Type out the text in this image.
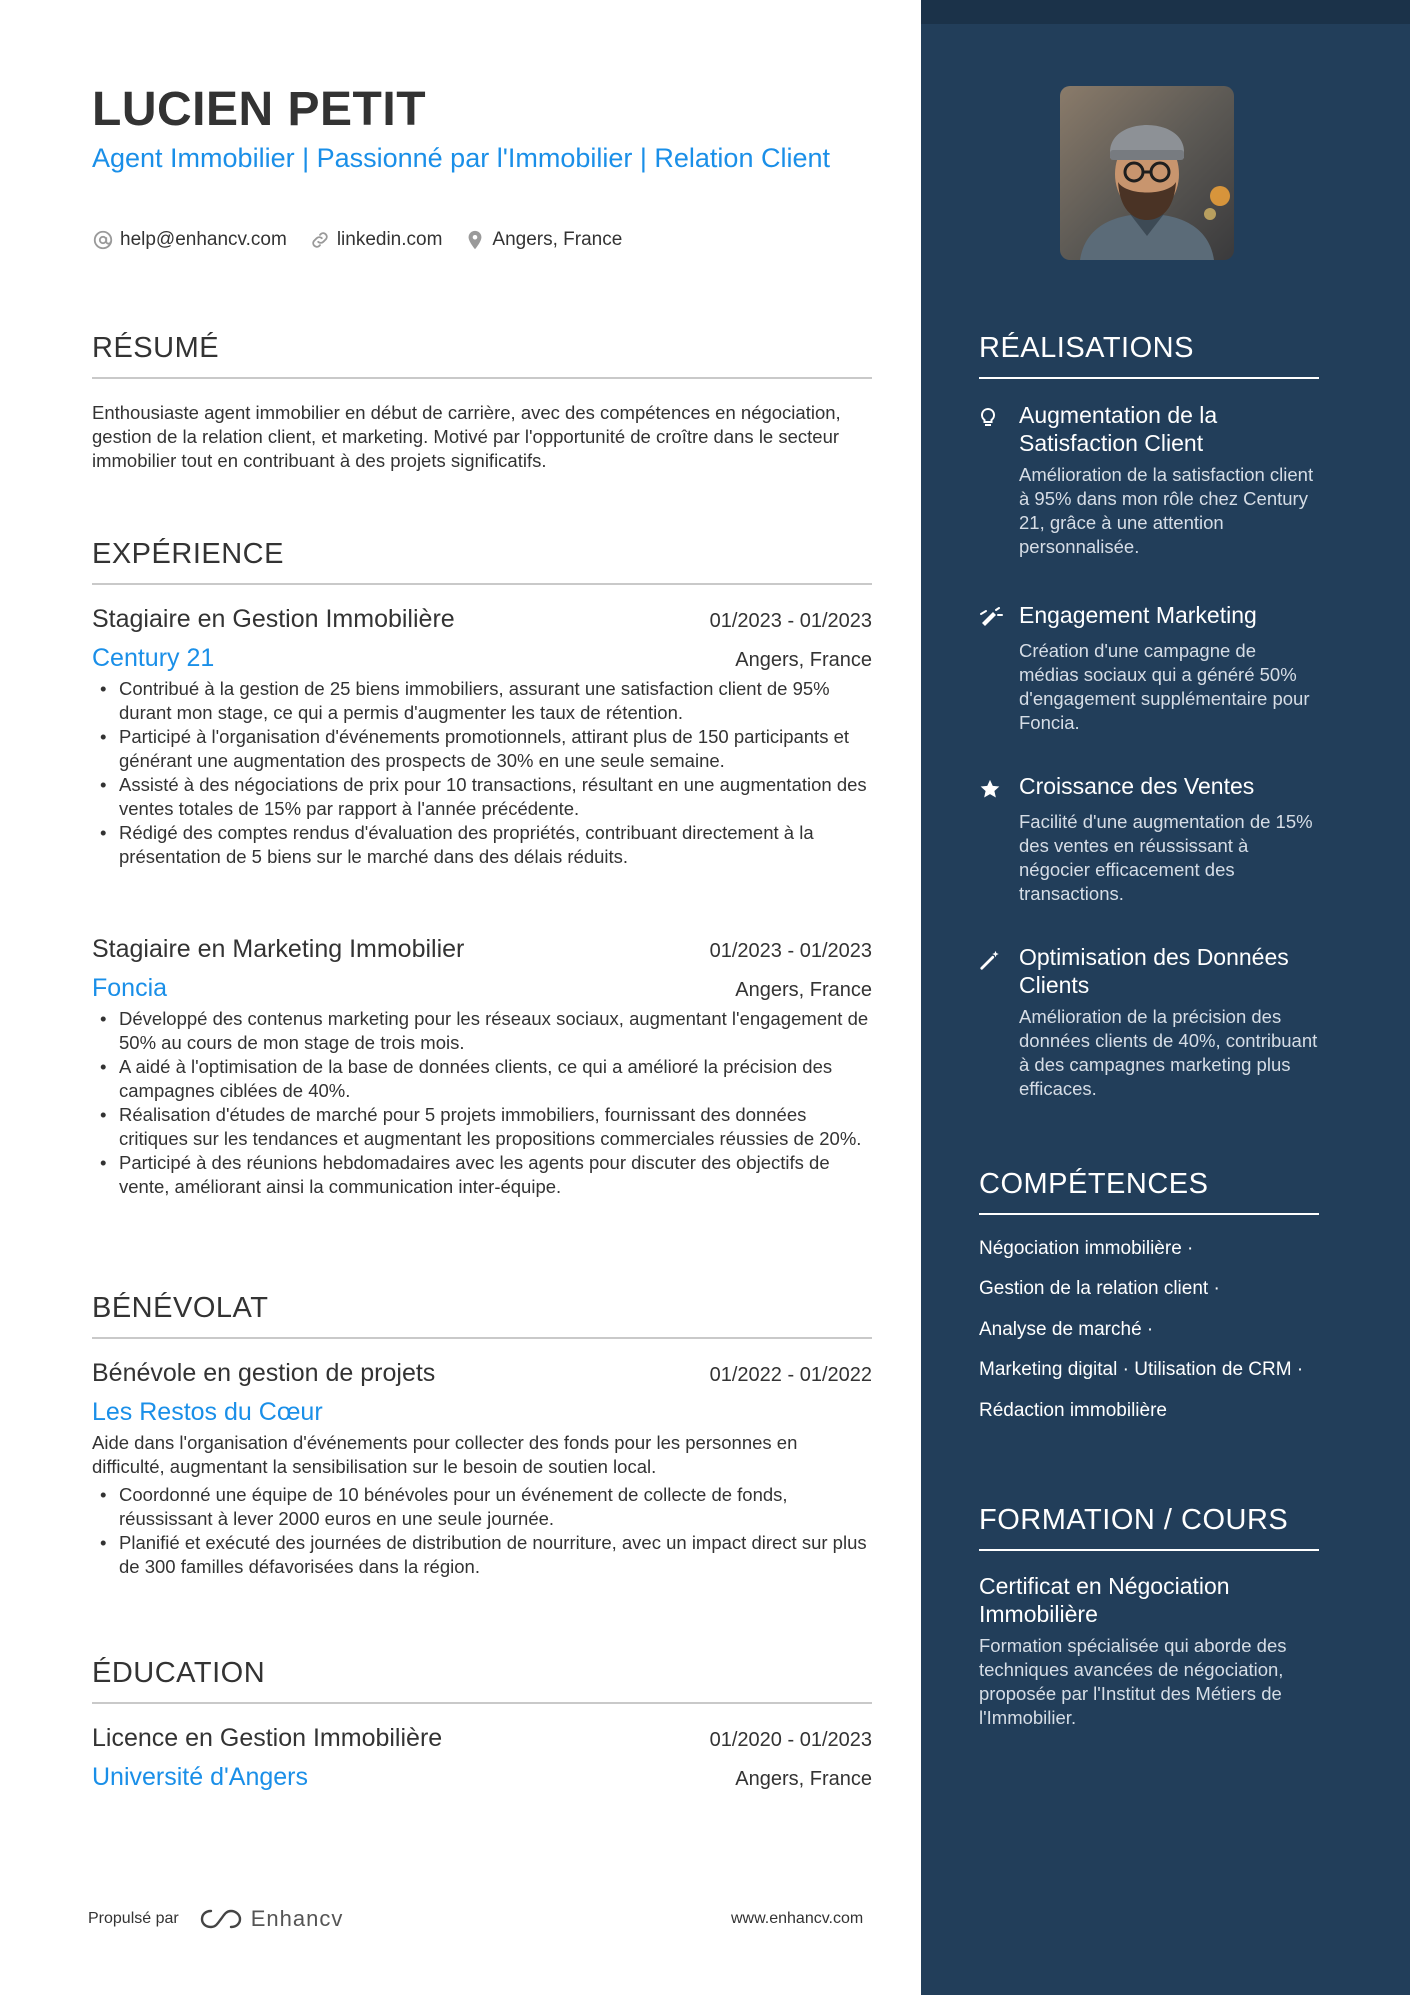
LUCIEN PETIT
Agent Immobilier | Passionné par l'Immobilier | Relation Client
help@enhancv.com	linkedin.com	Angers, France
RÉSUMÉ
Enthousiaste agent immobilier en début de carrière, avec des compétences en négociation, gestion de la relation client, et marketing. Motivé par l'opportunité de croître dans le secteur immobilier tout en contribuant à des projets significatifs.
EXPÉRIENCE
Stagiaire en Gestion Immobilière	01/2023 - 01/2023
Century 21	Angers, France
• Contribué à la gestion de 25 biens immobiliers, assurant une satisfaction client de 95% durant mon stage, ce qui a permis d'augmenter les taux de rétention.
• Participé à l'organisation d'événements promotionnels, attirant plus de 150 participants et générant une augmentation des prospects de 30% en une seule semaine.
• Assisté à des négociations de prix pour 10 transactions, résultant en une augmentation des ventes totales de 15% par rapport à l'année précédente.
• Rédigé des comptes rendus d'évaluation des propriétés, contribuant directement à la présentation de 5 biens sur le marché dans des délais réduits.
Stagiaire en Marketing Immobilier	01/2023 - 01/2023
Foncia	Angers, France
• Développé des contenus marketing pour les réseaux sociaux, augmentant l'engagement de 50% au cours de mon stage de trois mois.
• A aidé à l'optimisation de la base de données clients, ce qui a amélioré la précision des campagnes ciblées de 40%.
• Réalisation d'études de marché pour 5 projets immobiliers, fournissant des données critiques sur les tendances et augmentant les propositions commerciales réussies de 20%.
• Participé à des réunions hebdomadaires avec les agents pour discuter des objectifs de vente, améliorant ainsi la communication inter-équipe.
BÉNÉVOLAT
Bénévole en gestion de projets	01/2022 - 01/2022
Les Restos du Cœur
Aide dans l'organisation d'événements pour collecter des fonds pour les personnes en difficulté, augmentant la sensibilisation sur le besoin de soutien local.
• Coordonné une équipe de 10 bénévoles pour un événement de collecte de fonds, réussissant à lever 2000 euros en une seule journée.
• Planifié et exécuté des journées de distribution de nourriture, avec un impact direct sur plus de 300 familles défavorisées dans la région.
ÉDUCATION
Licence en Gestion Immobilière	01/2020 - 01/2023
Université d'Angers	Angers, France
Propulsé par	Enhancv	www.enhancv.com
RÉALISATIONS
Augmentation de la Satisfaction Client
Amélioration de la satisfaction client à 95% dans mon rôle chez Century 21, grâce à une attention personnalisée.
Engagement Marketing
Création d'une campagne de médias sociaux qui a généré 50% d'engagement supplémentaire pour Foncia.
Croissance des Ventes
Facilité d'une augmentation de 15% des ventes en réussissant à négocier efficacement des transactions.
Optimisation des Données Clients
Amélioration de la précision des données clients de 40%, contribuant à des campagnes marketing plus efficaces.
COMPÉTENCES
Négociation immobilière ·
Gestion de la relation client ·
Analyse de marché ·
Marketing digital · Utilisation de CRM ·
Rédaction immobilière
FORMATION / COURS
Certificat en Négociation Immobilière
Formation spécialisée qui aborde des techniques avancées de négociation, proposée par l'Institut des Métiers de l'Immobilier.
